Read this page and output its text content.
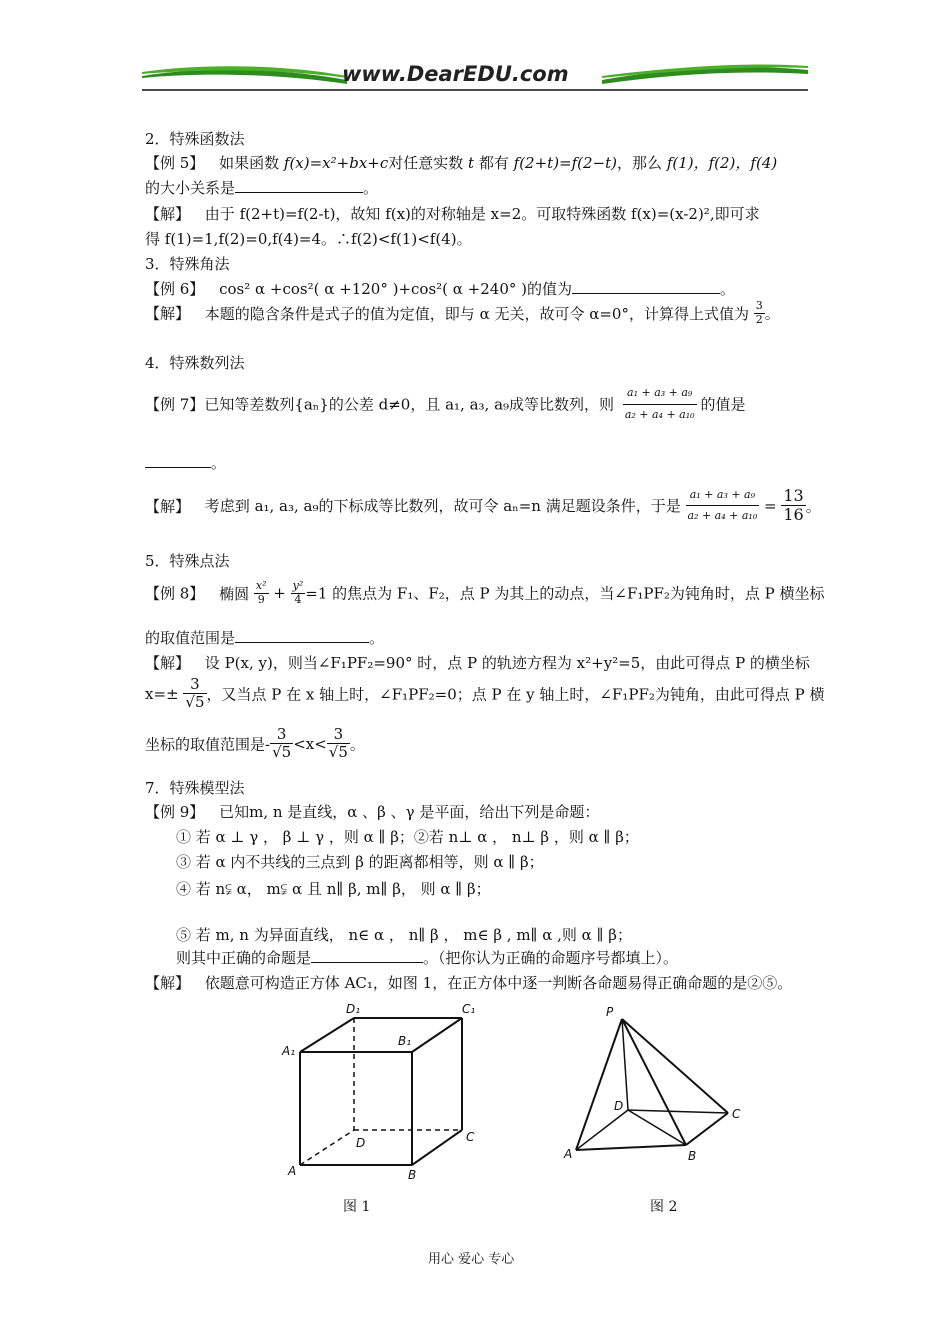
www.DearEDU.com
2．特殊函数法
【例 5】 如果函数 f(x)=x²+bx+c对任意实数 t 都有 f(2+t)=f(2−t)，那么 f(1)，f(2)，f(4)
的大小关系是	。
【解】 由于 f(2+t)=f(2-t)，故知 f(x)的对称轴是 x=2。可取特殊函数 f(x)=(x-2)²,即可求
得 f(1)=1,f(2)=0,f(4)=4。∴f(2)<f(1)<f(4)。
3．特殊角法
【例 6】 cos² α +cos²( α +120° )+cos²( α +240° )的值为	。
【解】 本题的隐含条件是式子的值为定值，即与 α 无关，故可令 α=0°，计算得上式值为 $\frac{3}{2}$ 。
4．特殊数列法
【例 7】已知等差数列{aₙ}的公差 d≠0，且 a₁, a₃, a₉成等比数列，则 $\frac{\text{a₁ + a₃ + a₉}}{\text{a₂ + a₄ + a₁₀}}$ 的值是
。
【解】 考虑到 a₁, a₃, a₉的下标成等比数列，故可令 aₙ=n 满足题设条件，于是 $\frac{\text{a₁ + a₃ + a₉}}{\text{a₂ + a₄ + a₁₀}} = \frac{13}{16}$ 。
5．特殊点法
【例 8】 椭圆 $\frac{\text{x²}}{9} + \frac{\text{y²}}{4} =1$ 的焦点为 F₁、F₂，点 P 为其上的动点，当∠F₁PF₂为钝角时，点 P 横坐标
的取值范围是	。
【解】 设 P(x, y)，则当∠F₁PF₂=90° 时，点 P 的轨迹方程为 x²+y²=5，由此可得点 P 的横坐标
$x=\pm \frac{3}{√5}$ ，又当点 P 在 x 轴上时，∠F₁PF₂=0；点 P 在 y 轴上时，∠F₁PF₂为钝角，由此可得点 P 横
坐标的取值范围是- $\frac{3}{√5} <x< \frac{3}{√5}$ 。
7．特殊模型法
【例 9】 已知m, n 是直线，α 、β 、γ 是平面，给出下列是命题：
① 若 α ⊥ γ ， β ⊥ γ ，则 α ∥ β；②若 n⊥ α ， n⊥ β ，则 α ∥ β；
③ 若 α 内不共线的三点到 β 的距离都相等，则 α ∥ β；
④ 若 n⫋ α， m⫋ α 且 n∥ β, m∥ β， 则 α ∥ β；
⑤ 若 m, n 为异面直线， n∈ α ， n∥ β ， m∈ β , m∥ α ,则 α ∥ β；
则其中正确的命题是	。（把你认为正确的命题序号都填上）。
【解】 依题意可构造正方体 AC₁，如图 1，在正方体中逐一判断各命题易得正确命题的是②⑤。
D₁	C₁
A₁
B₁
D	C
A	B
P
D
C
A	B
图 1	图 2
用心 爱心 专心
